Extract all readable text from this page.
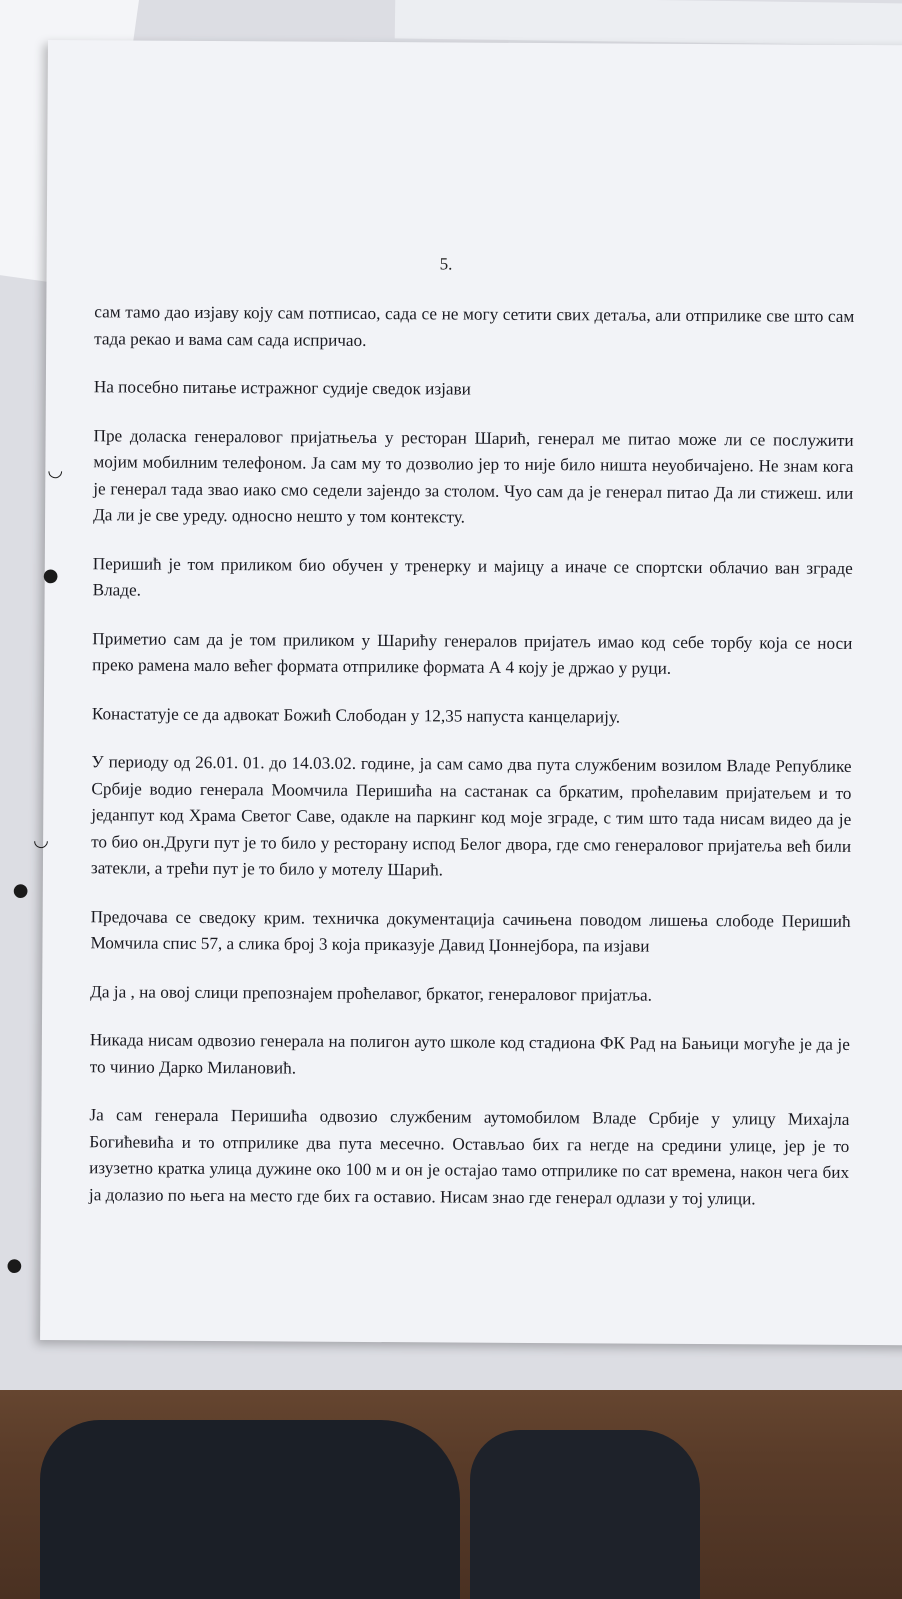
◡
●
◡
●
●
5.

сам тамо дао изјаву коју сам потписао, сада се не могу сетити свих детаља, али отприлике све што сам тада рекао и вама сам сада испричао.

На посебно питање истражног судије сведок изјави

Пре доласка генераловог пријатњеља у ресторан Шарић, генерал ме питао може ли се послужити мојим мобилним телефоном. Ја сам му то дозволио јер то није било ништа неуобичајено. Не знам кога је генерал тада звао иако смо седели зајендо за столом. Чуо сам да је генерал питао Да ли стижеш. или Да ли је све уреду. односно нешто у том контексту.

Перишић је том приликом био обучен у тренерку и мајицу а иначе се спортски облачио ван зграде Владе.

Приметио сам да је том приликом у Шарићу генералов пријатељ имао код себе торбу која се носи преко рамена мало већег формата отприлике формата А 4 коју је држао у руци.

Конастатује се да адвокат Божић Слободан у 12,35 напуста канцеларију.

У периоду од 26.01. 01. до 14.03.02. године, ја сам само два пута службеним возилом Владе Републике Србије водио генерала Моомчила Перишића на састанак са бркатим, проћелавим пријатељем и то једанпут код Храма Светог Саве, одакле на паркинг код моје зграде, с тим што тада нисам видео да је то био он.Други пут је то било у ресторану испод Белог двора, где смо генераловог пријатеља већ били затекли, а трећи пут је то било у мотелу Шарић.

Предочава се сведоку крим. техничка документација сачињена поводом лишења слободе Перишић Момчила спис 57, а слика број 3 која приказује Давид Џоннејбора, па изјави

Да ја , на овој слици препознајем проћелавог, бркатог, генераловог пријатља.

Никада нисам одвозио генерала на полигон ауто школе код стадиона ФК Рад на Бањици могуће је да је то чинио Дарко Милановић.

Ја сам генерала Перишића одвозио службеним аутомобилом Владе Србије у улицу Михајла Богићевића и то отприлике два пута месечно. Остављао бих га негде на средини улице, јер је то изузетно кратка улица дужине око 100 м и он је остајао тамо отприлике по сат времена, након чега бих ја долазио по њега на место где бих га оставио. Нисам знао где генерал одлази у тој улици.
